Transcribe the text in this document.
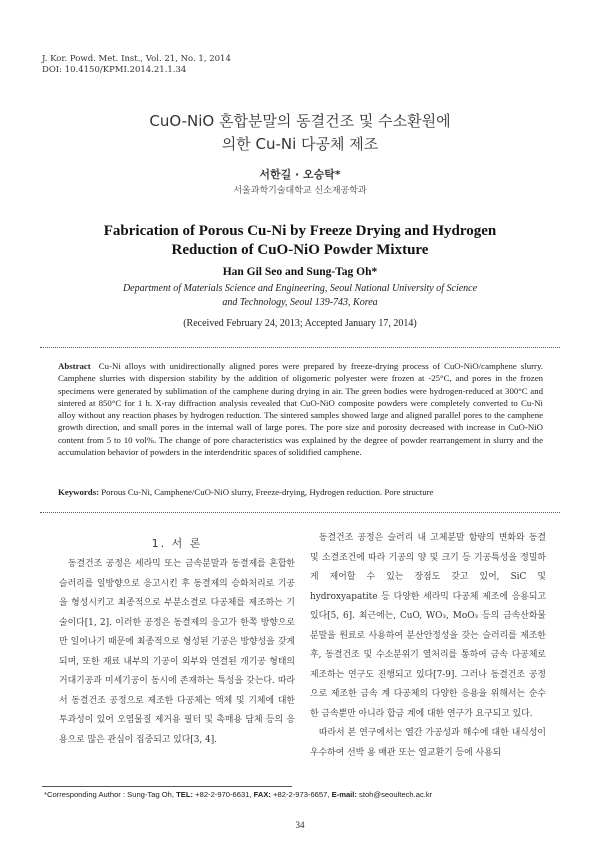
J. Kor. Powd. Met. Inst., Vol. 21, No. 1, 2014
DOI: 10.4150/KPMI.2014.21.1.34
CuO-NiO 혼합분말의 동결건조 및 수소환원에
의한 Cu-Ni 다공체 제조
서한길 · 오승탁*
서울과학기술대학교 신소재공학과
Fabrication of Porous Cu-Ni by Freeze Drying and Hydrogen
Reduction of CuO-NiO Powder Mixture
Han Gil Seo and Sung-Tag Oh*
Department of Materials Science and Engineering, Seoul National University of Science
and Technology, Seoul 139-743, Korea
(Received February 24, 2013; Accepted January 17, 2014)
Abstract Cu-Ni alloys with unidirectionally aligned pores were prepared by freeze-drying process of CuO-NiO/camphene slurry. Camphene slurries with dispersion stability by the addition of oligomeric polyester were frozen at -25°C, and pores in the frozen specimens were generated by sublimation of the camphene during drying in air. The green bodies were hydrogen-reduced at 300°C and sintered at 850°C for 1 h. X-ray diffraction analysis revealed that CuO-NiO composite powders were completely converted to Cu-Ni alloy without any reaction phases by hydrogen reduction. The sintered samples showed large and aligned parallel pores to the camphene growth direction, and small pores in the internal wall of large pores. The pore size and porosity decreased with increase in CuO-NiO content from 5 to 10 vol%. The change of pore characteristics was explained by the degree of powder rearrangement in slurry and the accumulation behavior of powders in the interdendritic spaces of solidified camphene.
Keywords: Porous Cu-Ni, Camphene/CuO-NiO slurry, Freeze-drying, Hydrogen reduction. Pore structure
1. 서 론

동결건조 공정은 세라믹 또는 금속분말과 동결제를 혼합한 슬러리를 일방향으로 응고시킨 후 동결제의 승화처리로 기공을 형성시키고 최종적으로 부분소결로 다공체를 제조하는 기술이다[1, 2]. 이러한 공정은 동결제의 응고가 한쪽 방향으로만 일어나기 때문에 최종적으로 형성된 기공은 방향성을 갖게 되며, 또한 재료 내부의 기공이 외부와 연결된 개기공 형태의 거대기공과 미세기공이 동시에 존재하는 특성을 갖는다. 따라서 동결건조 공정으로 제조한 다공체는 액체 및 기체에 대한 투과성이 있어 오염물질 제거용 필터 및 촉매용 담체 등의 응용으로 많은 관심이 집중되고 있다[3, 4].

동결건조 공정은 슬러리 내 고체분말 함량의 변화와 동결 및 소결조건에 따라 기공의 양 및 크기 등 기공특성을 정밀하게 제어할 수 있는 장점도 갖고 있어, SiC 및 hydroxyapatite 등 다양한 세라믹 다공체 제조에 응용되고 있다[5, 6]. 최근에는, CuO, WO₃, MoO₃ 등의 금속산화물 분말을 원료로 사용하여 분산안정성을 갖는 슬러리를 제조한 후, 동결건조 및 수소분위기 열처리를 통하여 금속 다공체로 제조하는 연구도 진행되고 있다[7-9]. 그러나 동결건조 공정으로 제조한 금속 계 다공체의 다양한 응용을 위해서는 순수한 금속뿐만 아니라 합금 계에 대한 연구가 요구되고 있다.

따라서 본 연구에서는 열간 가공성과 해수에 대한 내식성이 우수하여 선박 용 배관 또는 열교환기 등에 사용되

*Corresponding Author : Sung-Tag Oh, TEL: +82-2-970-6631, FAX: +82-2-973-6657, E-mail: stoh@seoultech.ac.kr
34
